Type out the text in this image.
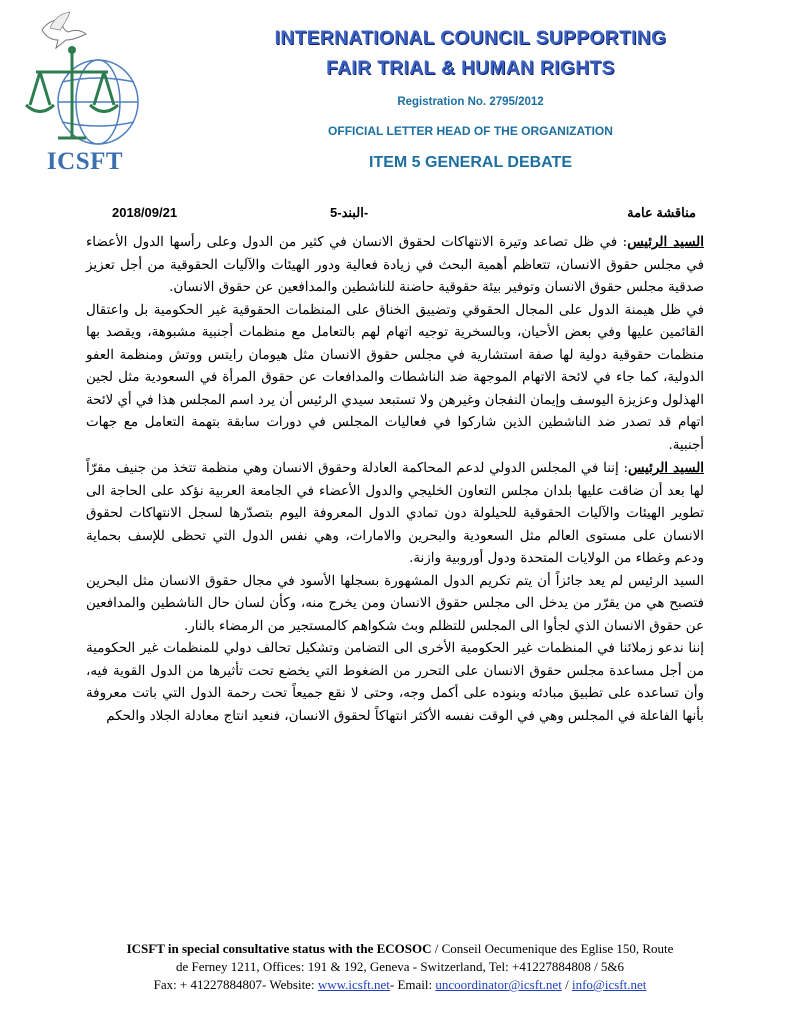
ICSFT
INTERNATIONAL COUNCIL SUPPORTING
FAIR TRIAL & HUMAN RIGHTS
Registration No. 2795/2012
OFFICIAL LETTER HEAD OF THE ORGANIZATION
ITEM 5 GENERAL DEBATE
2018/09/21	البند-5-	مناقشة عامة

السيد الرئيس: في ظل تصاعد وتيرة الانتهاكات لحقوق الانسان في كثير من الدول وعلى رأسها الدول الأعضاء في مجلس حقوق الانسان، تتعاظم أهمية البحث في زيادة فعالية ودور الهيئات والآليات الحقوقية من أجل تعزيز صدقية مجلس حقوق الانسان وتوفير بيئة حقوقية حاضنة للناشطين والمدافعين عن حقوق الانسان.

في ظل هيمنة الدول على المجال الحقوقي وتضييق الخناق على المنظمات الحقوقية غير الحكومية بل واعتقال القائمين عليها وفي بعض الأحيان، وبالسخرية توجيه اتهام لهم بالتعامل مع منظمات أجنبية مشبوهة، ويقصد بها منظمات حقوقية دولية لها صفة استشارية في مجلس حقوق الانسان مثل هيومان رايتس ووتش ومنظمة العفو الدولية، كما جاء في لائحة الاتهام الموجهة ضد الناشطات والمدافعات عن حقوق المرأة في السعودية مثل لجين الهذلول وعزيزة اليوسف وإيمان النفجان وغيرهن ولا تستبعد سيدي الرئيس أن يرد اسم المجلس هذا في أي لائحة اتهام قد تصدر ضد الناشطين الذين شاركوا في فعاليات المجلس في دورات سابقة بتهمة التعامل مع جهات أجنبية.

السيد الرئيس: إننا في المجلس الدولي لدعم المحاكمة العادلة وحقوق الانسان وهي منظمة تتخذ من جنيف مقرّاً لها بعد أن ضاقت عليها بلدان مجلس التعاون الخليجي والدول الأعضاء في الجامعة العربية نؤكد على الحاجة الى تطوير الهيئات والآليات الحقوقية للحيلولة دون تمادي الدول المعروفة اليوم بتصدّرها لسجل الانتهاكات لحقوق الانسان على مستوى العالم مثل السعودية والبحرين والامارات، وهي نفس الدول التي تحظى للإسف بحماية ودعم وغطاء من الولايات المتحدة ودول أوروبية وازنة.

السيد الرئيس لم يعد جائزاً أن يتم تكريم الدول المشهورة بسجلها الأسود في مجال حقوق الانسان مثل البحرين فتصبح هي من يقرّر من يدخل الى مجلس حقوق الانسان ومن يخرج منه، وكأن لسان حال الناشطين والمدافعين عن حقوق الانسان الذي لجأوا الى المجلس للتظلم وبث شكواهم كالمستجير من الرمضاء بالنار.

إننا ندعو زملائنا في المنظمات غير الحكومية الأخرى الى التضامن وتشكيل تحالف دولي للمنظمات غير الحكومية من أجل مساعدة مجلس حقوق الانسان على التحرر من الضغوط التي يخضع تحت تأثيرها من الدول القوية فيه، وأن تساعده على تطبيق مبادئه وبنوده على أكمل وجه، وحتى لا نقع جميعاً تحت رحمة الدول التي باتت معروفة بأنها الفاعلة في المجلس وهي في الوقت نفسه الأكثر انتهاكاً لحقوق الانسان، فنعيد انتاج معادلة الجلاد والحكم

ICSFT in special consultative status with the ECOSOC / Conseil Oecumenique des Eglise 150, Route
de Ferney 1211, Offices: 191 & 192, Geneva - Switzerland, Tel: +41227884808 / 5&6
Fax: + 41227884807- Website: www.icsft.net- Email: uncoordinator@icsft.net / info@icsft.net
